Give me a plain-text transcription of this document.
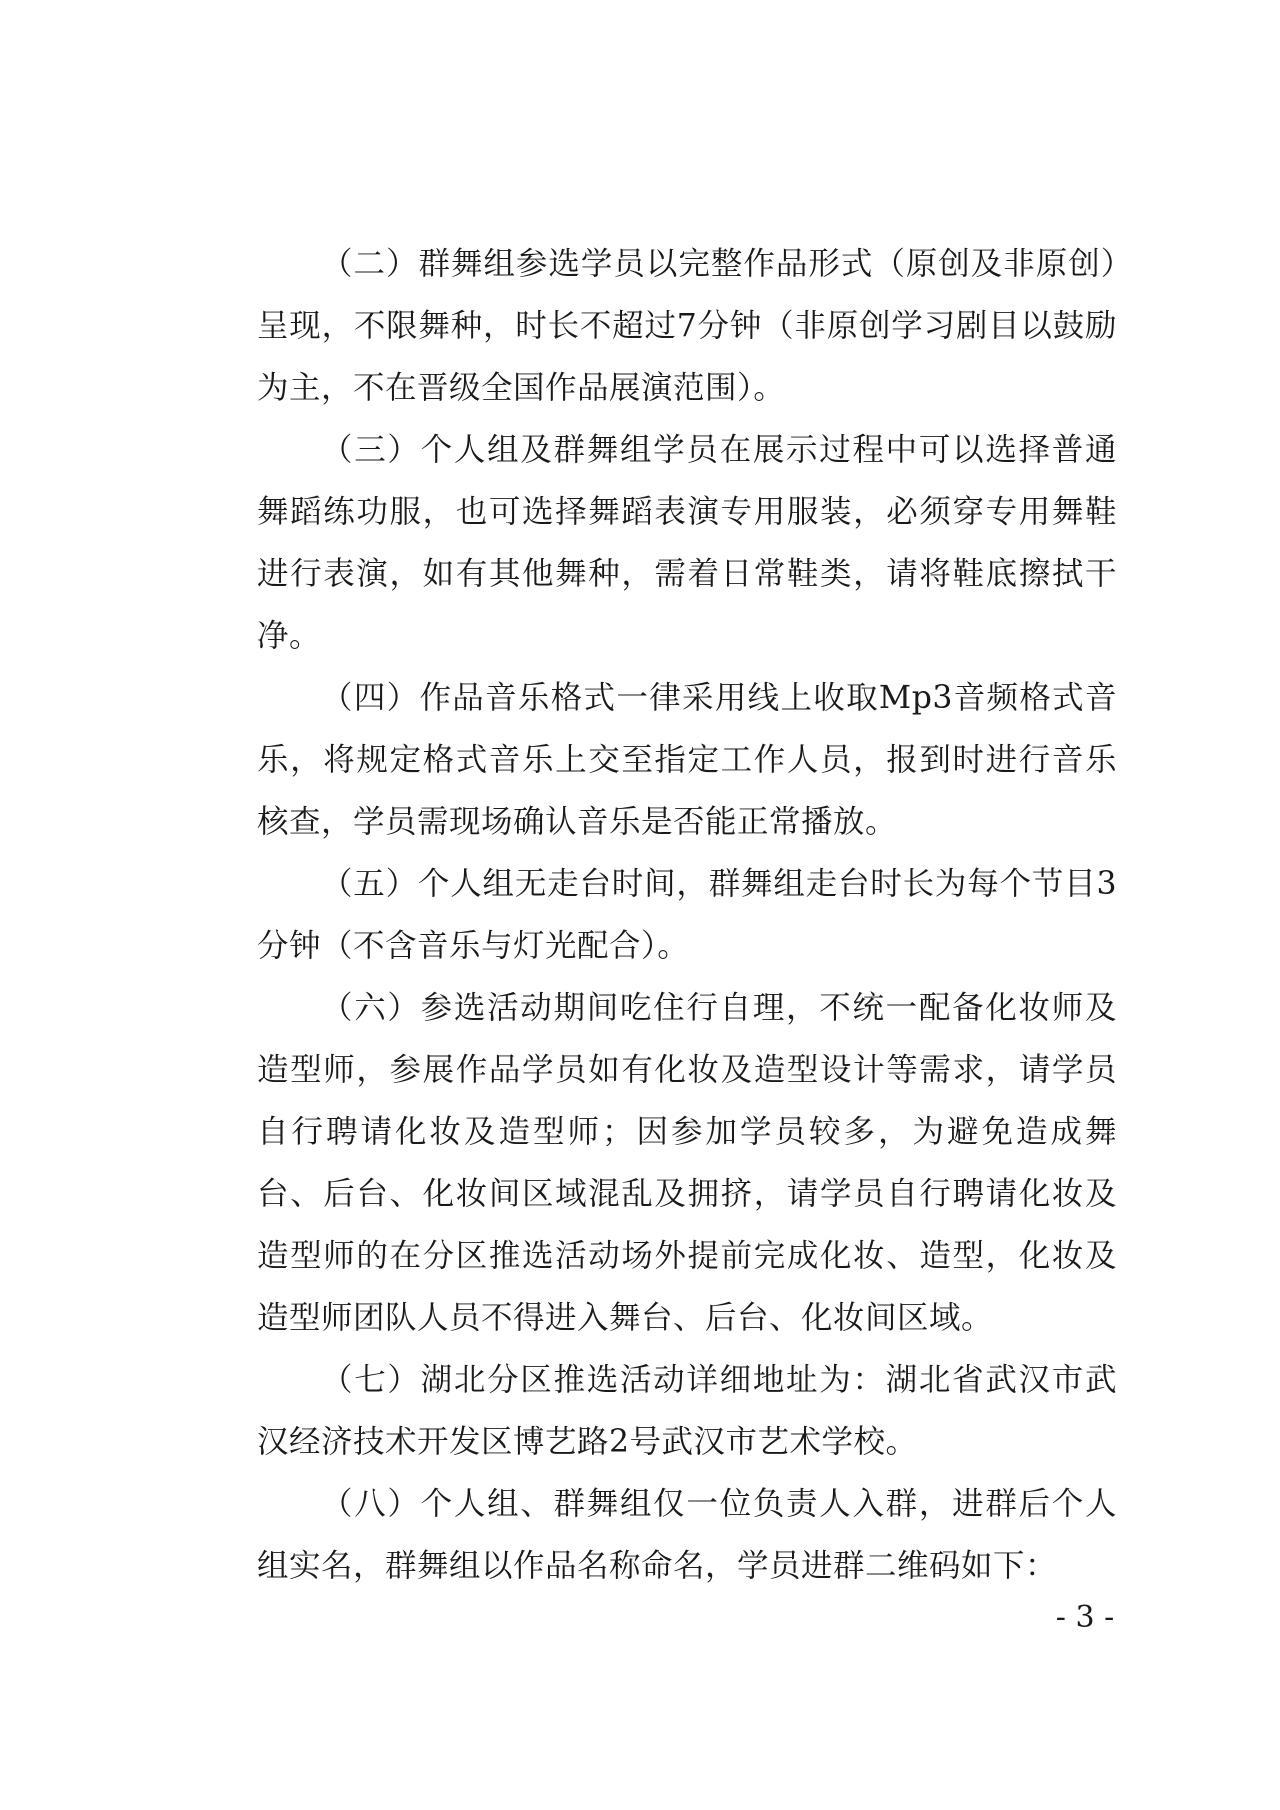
（二）群舞组参选学员以完整作品形式（原创及非原创）呈现，不限舞种，时长不超过7分钟（非原创学习剧目以鼓励为主，不在晋级全国作品展演范围）。

（三）个人组及群舞组学员在展示过程中可以选择普通舞蹈练功服，也可选择舞蹈表演专用服装，必须穿专用舞鞋进行表演，如有其他舞种，需着日常鞋类，请将鞋底擦拭干净。

（四）作品音乐格式一律采用线上收取Mp3音频格式音乐，将规定格式音乐上交至指定工作人员，报到时进行音乐核查，学员需现场确认音乐是否能正常播放。

（五）个人组无走台时间，群舞组走台时长为每个节目3分钟（不含音乐与灯光配合）。

（六）参选活动期间吃住行自理，不统一配备化妆师及造型师，参展作品学员如有化妆及造型设计等需求，请学员自行聘请化妆及造型师；因参加学员较多，为避免造成舞台、后台、化妆间区域混乱及拥挤，请学员自行聘请化妆及造型师的在分区推选活动场外提前完成化妆、造型，化妆及造型师团队人员不得进入舞台、后台、化妆间区域。

（七）湖北分区推选活动详细地址为：湖北省武汉市武汉经济技术开发区博艺路2号武汉市艺术学校。

（八）个人组、群舞组仅一位负责人入群，进群后个人组实名，群舞组以作品名称命名，学员进群二维码如下：

- 3 -
